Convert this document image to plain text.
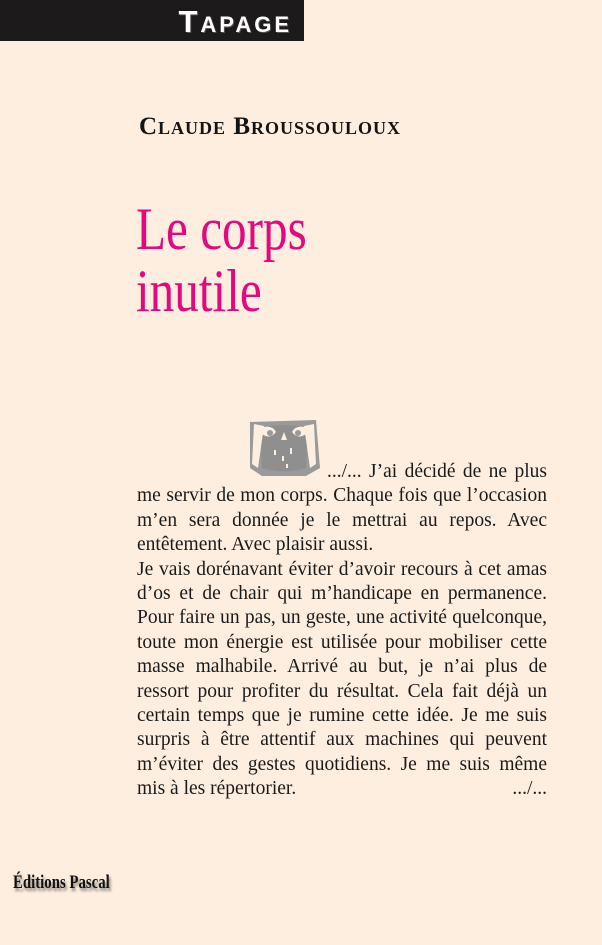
Tapage
Claude Broussouloux
Le corps
inutile

.../... J’ai décidé de ne plus me servir de mon corps. Chaque fois que l’occasion m’en sera donnée je le mettrai au repos. Avec entêtement. Avec plaisir aussi.

Je vais dorénavant éviter d’avoir recours à cet amas d’os et de chair qui m’handicape en permanence. Pour faire un pas, un geste, une activité quelconque, toute mon énergie est utilisée pour mobiliser cette masse malhabile. Arrivé au but, je n’ai plus de ressort pour profiter du résultat. Cela fait déjà un certain temps que je rumine cette idée. Je me suis surpris à être attentif aux machines qui peuvent m’éviter des gestes quotidiens. Je me suis même mis à les répertorier.	.../...

Éditions Pascal
